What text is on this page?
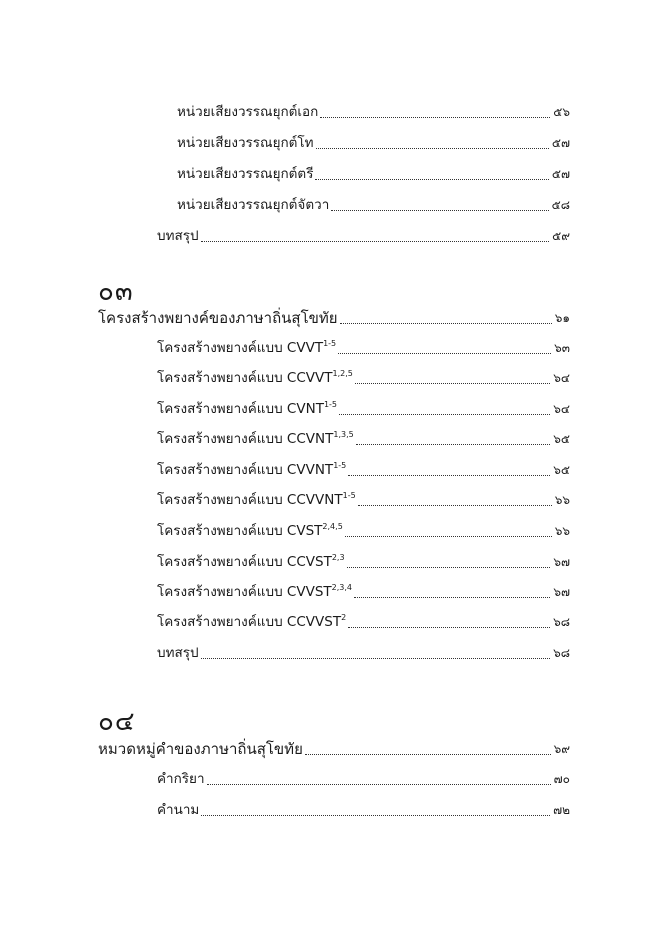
หน่วยเสียงวรรณยุกต์เอก	๕๖
หน่วยเสียงวรรณยุกต์โท	๕๗
หน่วยเสียงวรรณยุกต์ตรี	๕๗
หน่วยเสียงวรรณยุกต์จัตวา	๕๘
บทสรุป	๕๙
๐๓
โครงสร้างพยางค์ของภาษาถิ่นสุโขทัย	๖๑
โครงสร้างพยางค์แบบ CVVT$^{1-5}$	๖๓
โครงสร้างพยางค์แบบ CCVVT$^{1,2,5}$	๖๔
โครงสร้างพยางค์แบบ CVNT$^{1-5}$	๖๔
โครงสร้างพยางค์แบบ CCVNT$^{1,3,5}$	๖๕
โครงสร้างพยางค์แบบ CVVNT$^{1-5}$	๖๕
โครงสร้างพยางค์แบบ CCVVNT$^{1-5}$	๖๖
โครงสร้างพยางค์แบบ CVST$^{2,4,5}$	๖๖
โครงสร้างพยางค์แบบ CCVST$^{2,3}$	๖๗
โครงสร้างพยางค์แบบ CVVST$^{2,3,4}$	๖๗
โครงสร้างพยางค์แบบ CCVVST$^2$	๖๘
บทสรุป	๖๘
๐๔
หมวดหมู่คำของภาษาถิ่นสุโขทัย	๖๙
คำกริยา	๗๐
คำนาม	๗๒
